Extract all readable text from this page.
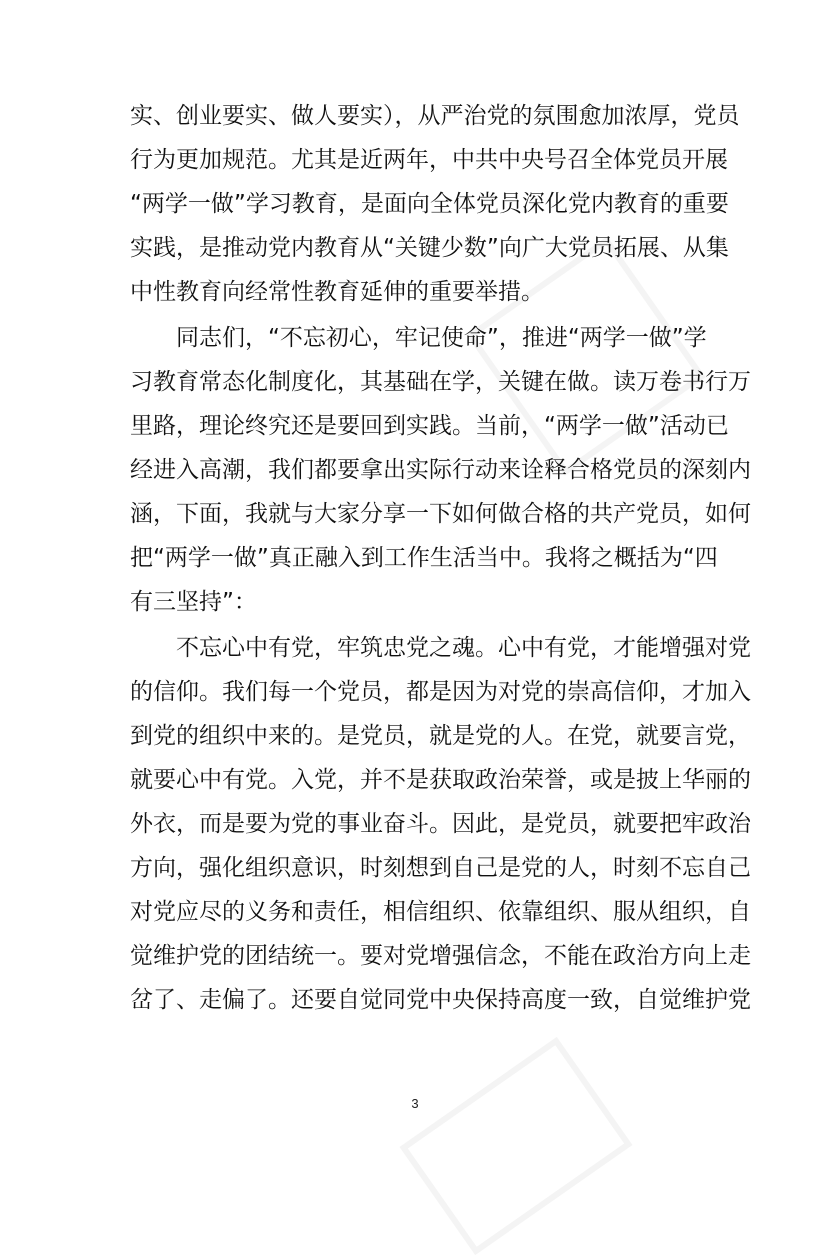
实、创业要实、做人要实），从严治党的氛围愈加浓厚，党员
行为更加规范。尤其是近两年，中共中央号召全体党员开展
“两学一做”学习教育，是面向全体党员深化党内教育的重要
实践，是推动党内教育从“关键少数”向广大党员拓展、从集
中性教育向经常性教育延伸的重要举措。
同志们，“不忘初心，牢记使命”，推进“两学一做”学
习教育常态化制度化，其基础在学，关键在做。读万卷书行万
里路，理论终究还是要回到实践。当前，“两学一做”活动已
经进入高潮，我们都要拿出实际行动来诠释合格党员的深刻内
涵，下面，我就与大家分享一下如何做合格的共产党员，如何
把“两学一做”真正融入到工作生活当中。我将之概括为“四
有三坚持”：
不忘心中有党，牢筑忠党之魂。心中有党，才能增强对党
的信仰。我们每一个党员，都是因为对党的崇高信仰，才加入
到党的组织中来的。是党员，就是党的人。在党，就要言党，
就要心中有党。入党，并不是获取政治荣誉，或是披上华丽的
外衣，而是要为党的事业奋斗。因此，是党员，就要把牢政治
方向，强化组织意识，时刻想到自己是党的人，时刻不忘自己
对党应尽的义务和责任，相信组织、依靠组织、服从组织，自
觉维护党的团结统一。要对党增强信念，不能在政治方向上走
岔了、走偏了。还要自觉同党中央保持高度一致，自觉维护党
3
